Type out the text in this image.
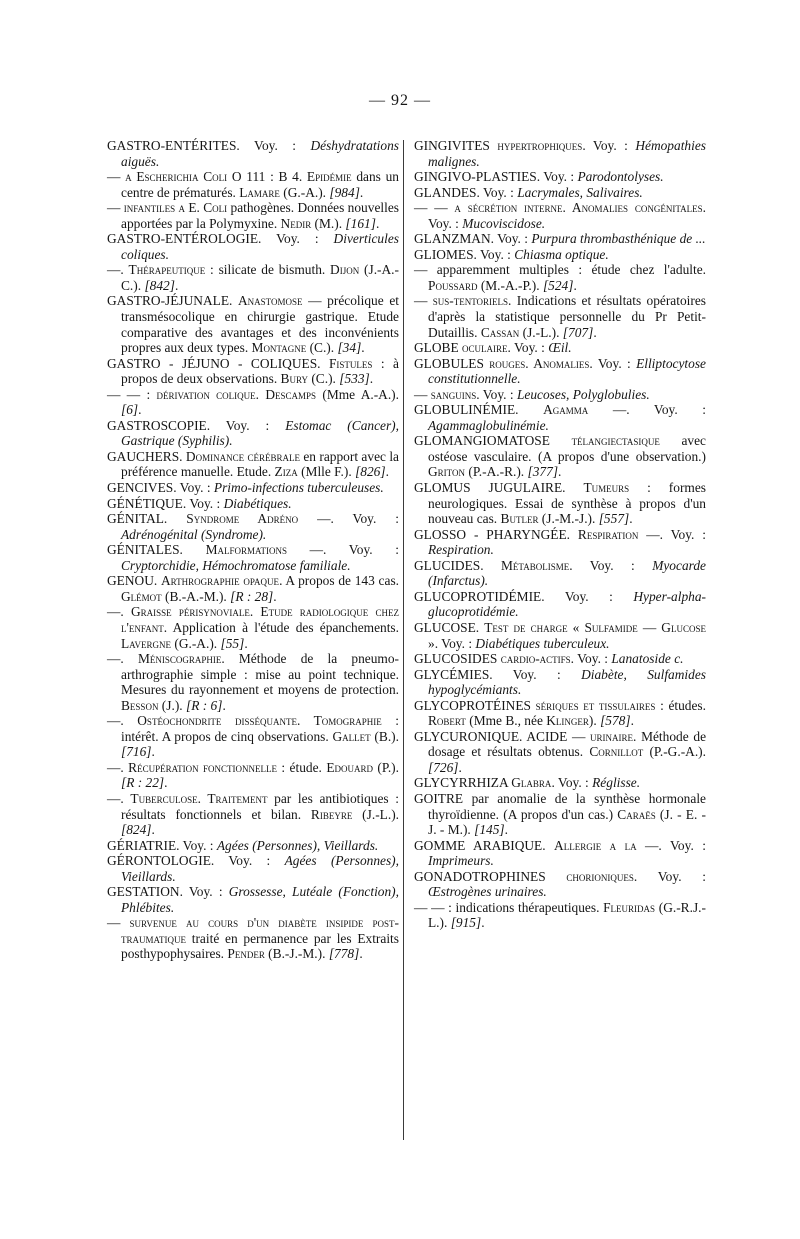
— 92 —

GASTRO-ENTÉRITES. Voy. : Déshydratations aiguës.

— a Escherichia Coli O 111 : B 4. Epidémie dans un centre de prématurés. Lamare (G.-A.). [984].

— infantiles a E. Coli pathogènes. Données nouvelles apportées par la Polymyxine. Nedir (M.). [161].

GASTRO-ENTÉROLOGIE. Voy. : Diverticules coliques.

—. Thérapeutique : silicate de bismuth. Dijon (J.-A.-C.). [842].

GASTRO-JÉJUNALE. Anastomose — précolique et transmésocolique en chirurgie gastrique. Etude comparative des avantages et des inconvénients propres aux deux types. Montagne (C.). [34].

GASTRO - JÉJUNO - COLIQUES. Fistules : à propos de deux observations. Bury (C.). [533].

— — : dérivation colique. Descamps (Mme A.-A.). [6].

GASTROSCOPIE. Voy. : Estomac (Cancer), Gastrique (Syphilis).

GAUCHERS. Dominance cérébrale en rapport avec la préférence manuelle. Etude. Ziza (Mlle F.). [826].

GENCIVES. Voy. : Primo-infections tuberculeuses.

GÉNÉTIQUE. Voy. : Diabétiques.

GÉNITAL. Syndrome Adréno —. Voy. : Adrénogénital (Syndrome).

GÉNITALES. Malformations —. Voy. : Cryptorchidie, Hémochromatose familiale.

GENOU. Arthrographie opaque. A propos de 143 cas. Glémot (B.-A.-M.). [R : 28].

—. Graisse périsynoviale. Etude radiologique chez l'enfant. Application à l'étude des épanchements. Lavergne (G.-A.). [55].

—. Méniscographie. Méthode de la pneumo-arthrographie simple : mise au point technique. Mesures du rayonnement et moyens de protection. Besson (J.). [R : 6].

—. Ostéochondrite disséquante. Tomographie : intérêt. A propos de cinq observations. Gallet (B.). [716].

—. Récupération fonctionnelle : étude. Edouard (P.). [R : 22].

—. Tuberculose. Traitement par les antibiotiques : résultats fonctionnels et bilan. Ribeyre (J.-L.). [824].

GÉRIATRIE. Voy. : Agées (Personnes), Vieillards.

GÉRONTOLOGIE. Voy. : Agées (Personnes), Vieillards.

GESTATION. Voy. : Grossesse, Lutéale (Fonction), Phlébites.

— survenue au cours d'un diabète insipide post-traumatique traité en permanence par les Extraits posthypophysaires. Pender (B.-J.-M.). [778].

GINGIVITES hypertrophiques. Voy. : Hémopathies malignes.

GINGIVO-PLASTIES. Voy. : Parodontolyses.

GLANDES. Voy. : Lacrymales, Salivaires.

— — a sécrétion interne. Anomalies congénitales. Voy. : Mucoviscidose.

GLANZMAN. Voy. : Purpura thrombasthénique de ...

GLIOMES. Voy. : Chiasma optique.

— apparemment multiples : étude chez l'adulte. Poussard (M.-A.-P.). [524].

— sus-tentoriels. Indications et résultats opératoires d'après la statistique personnelle du Pr Petit-Dutaillis. Cassan (J.-L.). [707].

GLOBE oculaire. Voy. : Œil.

GLOBULES rouges. Anomalies. Voy. : Elliptocytose constitutionnelle.

— sanguins. Voy. : Leucoses, Polyglobulies.

GLOBULINÉMIE. Agamma —. Voy. : Agammaglobulinémie.

GLOMANGIOMATOSE télangiectasique avec ostéose vasculaire. (A propos d'une observation.) Griton (P.-A.-R.). [377].

GLOMUS JUGULAIRE. Tumeurs : formes neurologiques. Essai de synthèse à propos d'un nouveau cas. Butler (J.-M.-J.). [557].

GLOSSO - PHARYNGÉE. Respiration —. Voy. : Respiration.

GLUCIDES. Métabolisme. Voy. : Myocarde (Infarctus).

GLUCOPROTIDÉMIE. Voy. : Hyper-alpha-glucoprotidémie.

GLUCOSE. Test de charge « Sulfamide — Glucose ». Voy. : Diabétiques tuberculeux.

GLUCOSIDES cardio-actifs. Voy. : Lanatoside c.

GLYCÉMIES. Voy. : Diabète, Sulfamides hypoglycémiants.

GLYCOPROTÉINES sériques et tissulaires : études. Robert (Mme B., née Klinger). [578].

GLYCURONIQUE. ACIDE — urinaire. Méthode de dosage et résultats obtenus. Cornillot (P.-G.-A.). [726].

GLYCYRRHIZA Glabra. Voy. : Réglisse.

GOITRE par anomalie de la synthèse hormonale thyroïdienne. (A propos d'un cas.) Caraës (J. - E. - J. - M.). [145].

GOMME ARABIQUE. Allergie a la —. Voy. : Imprimeurs.

GONADOTROPHINES chorioniques. Voy. : Œstrogènes urinaires.

— — : indications thérapeutiques. Fleuridas (G.-R.J.-L.). [915].
